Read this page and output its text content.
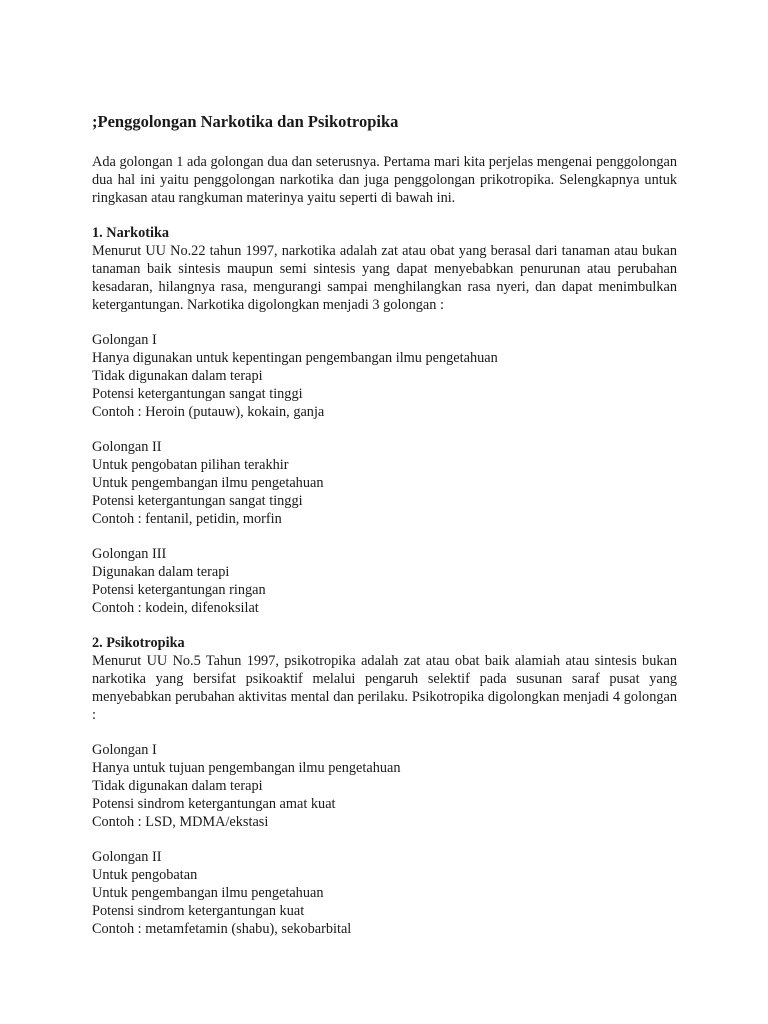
;Penggolongan Narkotika dan Psikotropika

Ada golongan 1 ada golongan dua dan seterusnya. Pertama mari kita perjelas mengenai penggolongan dua hal ini yaitu penggolongan narkotika dan juga penggolongan prikotropika. Selengkapnya untuk ringkasan atau rangkuman materinya yaitu seperti di bawah ini.

1. Narkotika

Menurut UU No.22 tahun 1997, narkotika adalah zat atau obat yang berasal dari tanaman atau bukan tanaman baik sintesis maupun semi sintesis yang dapat menyebabkan penurunan atau perubahan kesadaran, hilangnya rasa, mengurangi sampai menghilangkan rasa nyeri, dan dapat menimbulkan ketergantungan. Narkotika digolongkan menjadi 3 golongan :

Golongan I
Hanya digunakan untuk kepentingan pengembangan ilmu pengetahuan
Tidak digunakan dalam terapi
Potensi ketergantungan sangat tinggi
Contoh : Heroin (putauw), kokain, ganja
Golongan II
Untuk pengobatan pilihan terakhir
Untuk pengembangan ilmu pengetahuan
Potensi ketergantungan sangat tinggi
Contoh : fentanil, petidin, morfin
Golongan III
Digunakan dalam terapi
Potensi ketergantungan ringan
Contoh : kodein, difenoksilat
2. Psikotropika

Menurut UU No.5 Tahun 1997, psikotropika adalah zat atau obat baik alamiah atau sintesis bukan narkotika yang bersifat psikoaktif melalui pengaruh selektif pada susunan saraf pusat yang menyebabkan perubahan aktivitas mental dan perilaku. Psikotropika digolongkan menjadi 4 golongan :

Golongan I
Hanya untuk tujuan pengembangan ilmu pengetahuan
Tidak digunakan dalam terapi
Potensi sindrom ketergantungan amat kuat
Contoh : LSD, MDMA/ekstasi
Golongan II
Untuk pengobatan
Untuk pengembangan ilmu pengetahuan
Potensi sindrom ketergantungan kuat
Contoh : metamfetamin (shabu), sekobarbital
